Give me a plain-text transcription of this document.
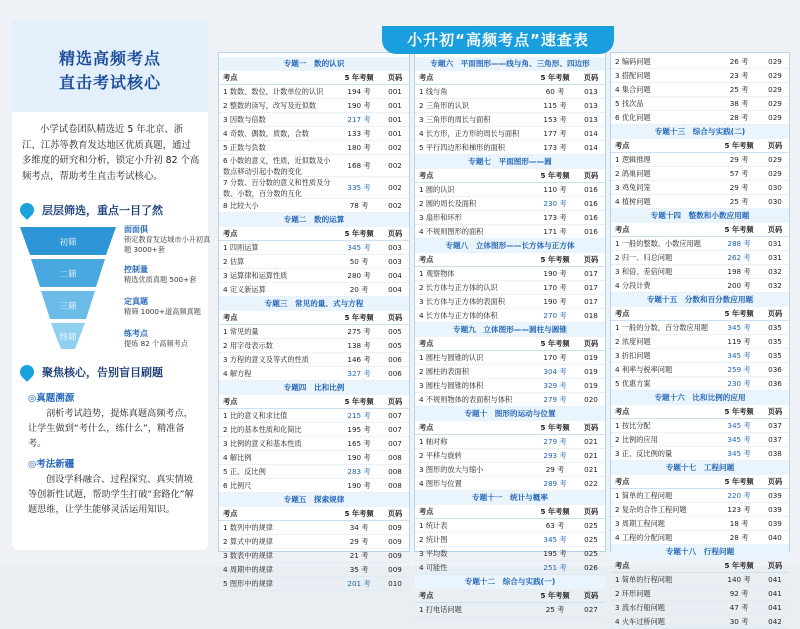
精选高频考点
直击考试核心
小学试卷团队精选近 5 年北京、浙江、江苏等教育发达地区优质真题，通过多维度的研究和分析，锁定小升初 82 个高频考点，帮助考生直击考试核心。
层层筛选，重点一目了然
初筛
二筛
三筛
终筛
面面俱
锁定教育发达城市小升初真题 3000+套
控制量
精选优质真题 500+套
定真题
精筛 1000+道高频真题
练考点
提炼 82 个高频考点
聚焦核心，告别盲目刷题
◎真题溯源
剖析考试趋势，提炼真题高频考点，让学生做到“考什么，练什么”，精准备考。
◎考法新疆
创设学科融合、过程探究、真实情境等创新性试题，帮助学生打破“套路化”解题思维，让学生能够灵活运用知识。
专题一　数的认识
考点	5 年考频	页码
1 数数、数位，计数单位的认识	194 考	001
2 整数的读写，改写及近似数	190 考	001
3 因数与倍数	217 考	001
4 奇数、偶数，质数，合数	133 考	001
5 正数与负数	180 考	002
6 小数的意义，性质，近似数及小数点移动引起小数的变化
168 考	002
7 分数、百分数的意义和性质及分数、小数，百分数的互化
335 考	002
8 比较大小	78 考	002
专题二　数的运算
考点	5 年考频	页码
1 四则运算	345 考	003
2 估算	50 考	003
3 运算律和运算性质	280 考	004
4 定义新运算	20 考	004
专题三　常见的量、式与方程
考点	5 年考频	页码
1 常见的量	275 考	005
2 用字母表示数	138 考	005
3 方程的意义及等式的性质	146 考	006
4 解方程	327 考	006
专题四　比和比例
考点	5 年考频	页码
1 比的意义和求比值	215 考	007
2 比的基本性质和化简比	195 考	007
3 比例的意义和基本性质	165 考	007
4 解比例	190 考	008
5 正、反比例	283 考	008
6 比例尺	190 考	008
专题五　探索规律
考点	5 年考频	页码
1 数列中的规律	34 考	009
2 算式中的规律	29 考	009
3 数表中的规律	21 考	009
4 周期中的规律	35 考	009
5 图形中的规律	201 考	010
专题六　平面图形——线与角、三角形、四边形
考点	5 年考频	页码
1 线与角	60 考	013
2 三角形的认识	115 考	013
3 三角形的周长与面积	153 考	013
4 长方形，正方形的周长与面积	177 考	014
5 平行四边形和梯形的面积	173 考	014
专题七　平面图形——圆
考点	5 年考频	页码
1 圆的认识	110 考	016
2 圆的周长及面积	230 考	016
3 扇形和环形	173 考	016
4 不规则图形的面积	171 考	016
专题八　立体图形——长方体与正方体
考点	5 年考频	页码
1 观察物体	190 考	017
2 长方体与正方体的认识	170 考	017
3 长方体与正方体的表面积	190 考	017
4 长方体与正方体的体积	270 考	018
专题九　立体图形——圆柱与圆锥
考点	5 年考频	页码
1 圆柱与圆锥的认识	170 考	019
2 圆柱的表面积	304 考	019
3 圆柱与圆锥的体积	329 考	019
4 不规则物体的表面积与体积	279 考	020
专题十　图形的运动与位置
考点	5 年考频	页码
1 轴对称	279 考	021
2 平移与旋转	293 考	021
3 图形的放大与缩小	29 考	021
4 图形与位置	289 考	022
专题十一　统计与概率
考点	5 年考频	页码
1 统计表	63 考	025
2 统计图	345 考	025
3 平均数	195 考	025
4 可能性	251 考	026
专题十二　综合与实践(一)
考点	5 年考频	页码
1 打电话问题	25 考	027
2 编码问题	26 考	029
3 搭配问题	23 考	029
4 集合问题	25 考	029
5 找次品	38 考	029
6 优化问题	28 考	029
专题十三　综合与实践(二)
考点	5 年考频	页码
1 逻辑推理	29 考	029
2 鸽巢问题	57 考	029
3 鸡兔同笼	29 考	030
4 植树问题	25 考	030
专题十四　整数和小数应用题
考点	5 年考频	页码
1 一般的整数、小数应用题	288 考	031
2 归一、归总问题	262 考	031
3 和倍、差倍问题	198 考	032
4 分段计费	200 考	032
专题十五　分数和百分数应用题
考点	5 年考频	页码
1 一般的分数，百分数应用题	345 考	035
2 浓度问题	119 考	035
3 折扣问题	345 考	035
4 利率与税率问题	259 考	036
5 优惠方案	230 考	036
专题十六　比和比例的应用
考点	5 年考频	页码
1 按比分配	345 考	037
2 比例的应用	345 考	037
3 正、反比例的量	345 考	038
专题十七　工程问题
考点	5 年考频	页码
1 简单的工程问题	220 考	039
2 复杂的合作工程问题	123 考	039
3 周期工程问题	18 考	039
4 工程的分配问题	28 考	040
专题十八　行程问题
考点	5 年考频	页码
1 简单的行程问题	140 考	041
2 环形问题	92 考	041
3 流水行船问题	47 考	041
4 火车过桥问题	30 考	042
小升初“高频考点”速查表
